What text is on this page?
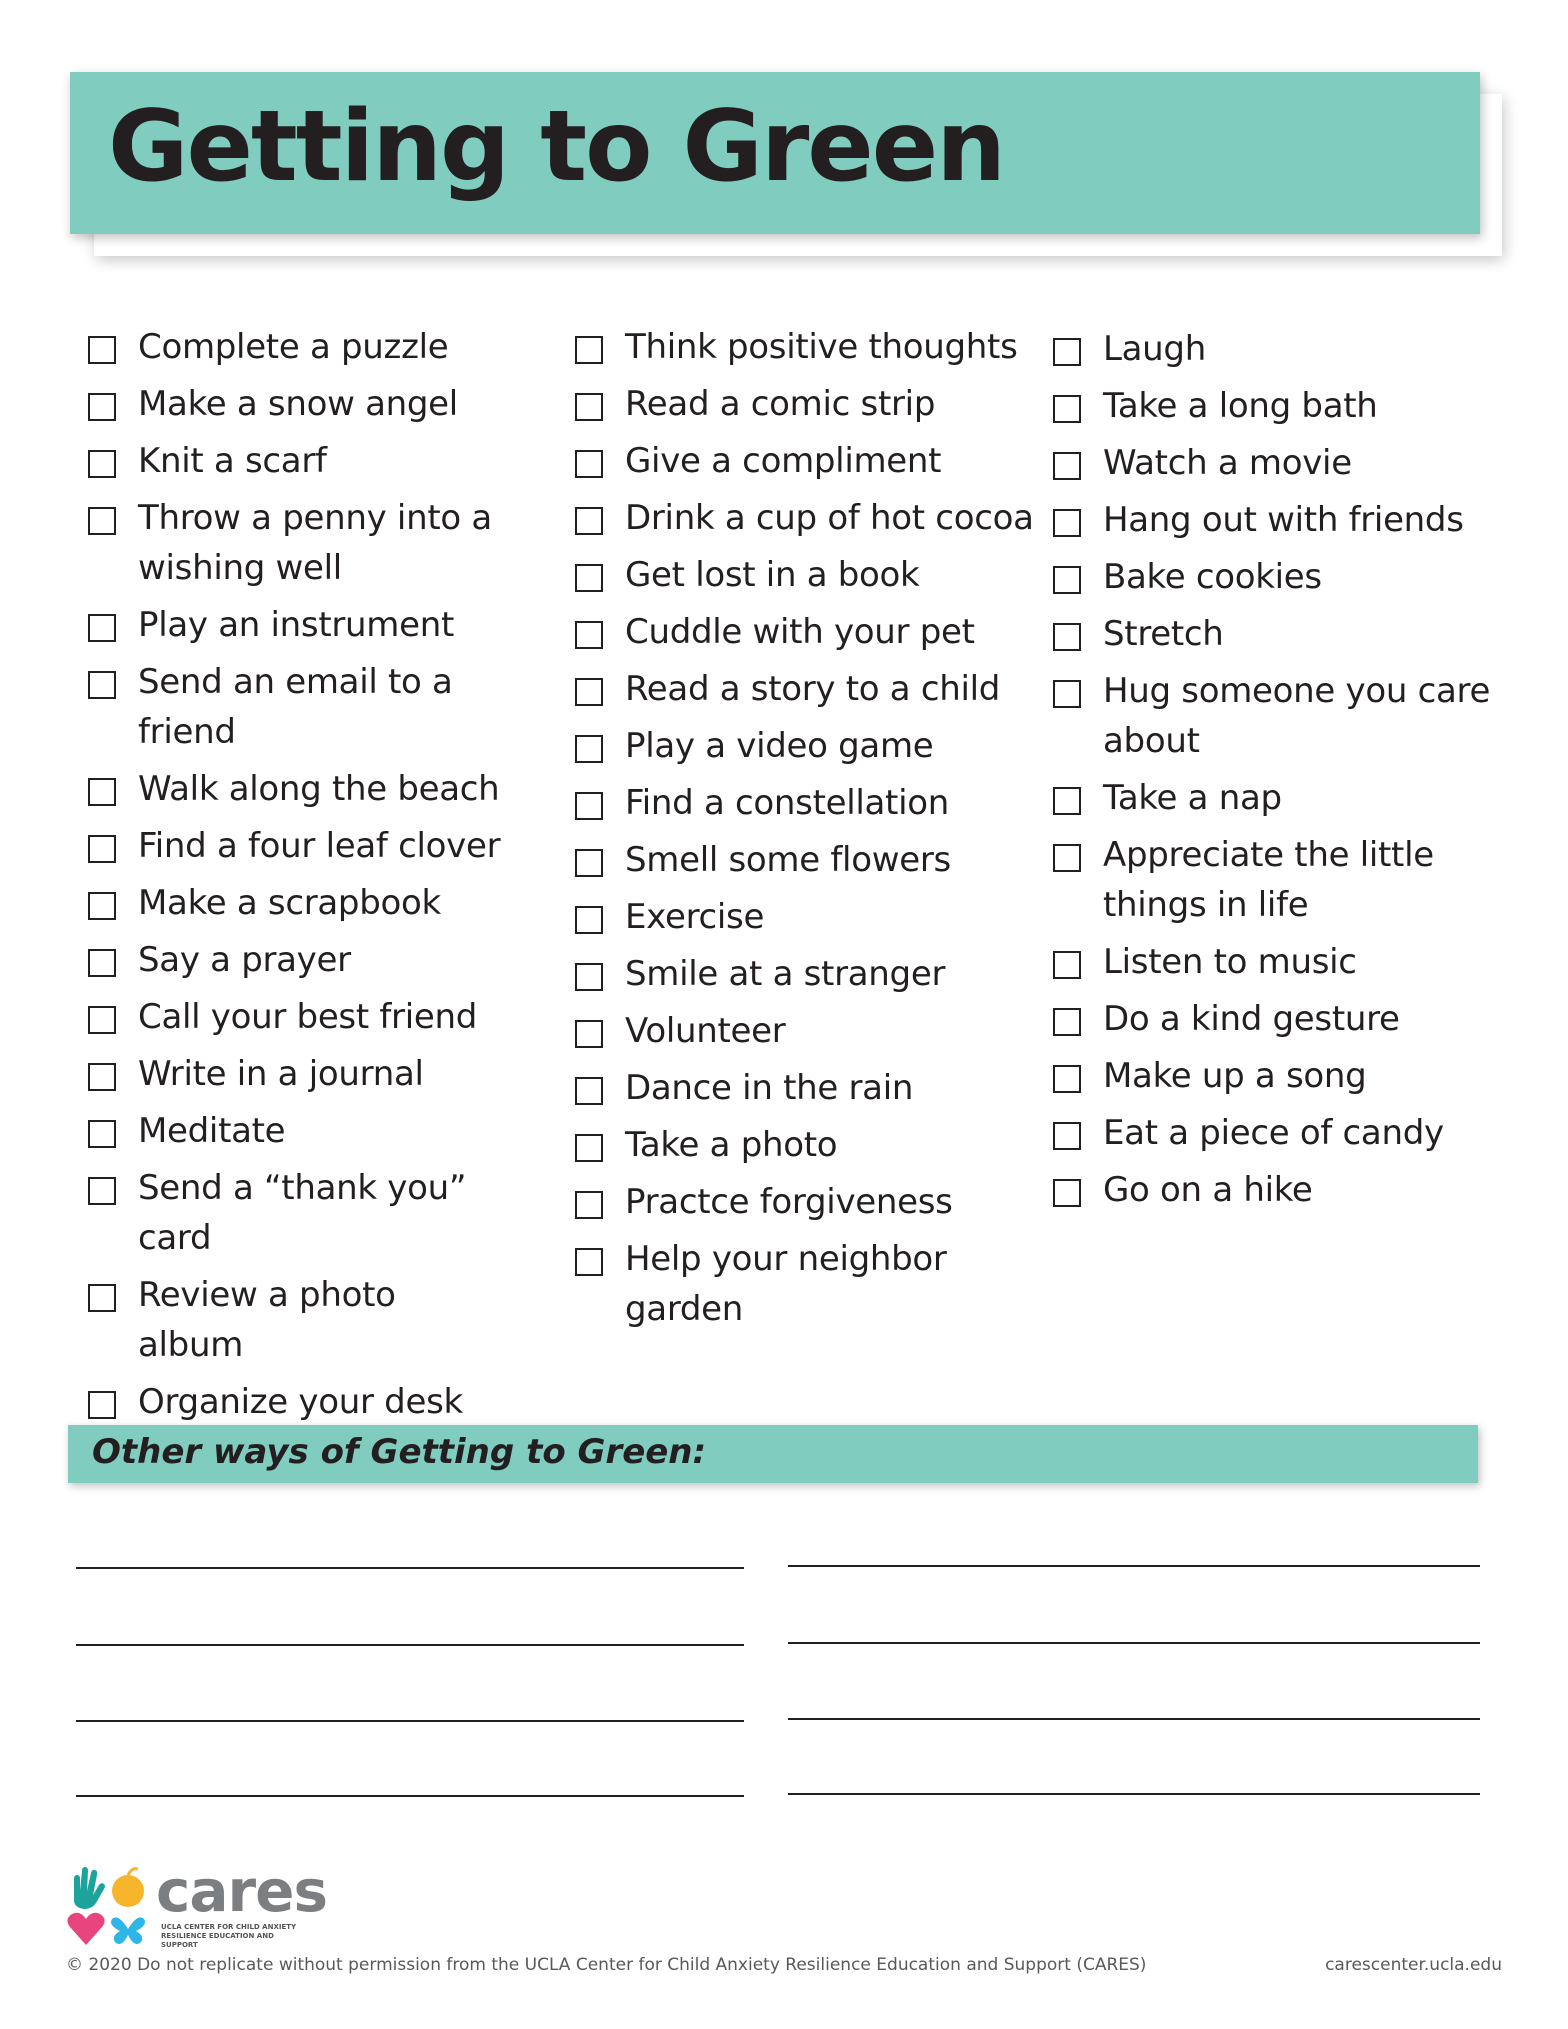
Getting to Green
Complete a puzzle
Make a snow angel
Knit a scarf
Throw a penny into a wishing well
Play an instrument
Send an email to a friend
Walk along the beach
Find a four leaf clover
Make a scrapbook
Say a prayer
Call your best friend
Write in a journal
Meditate
Send a “thank you” card
Review a photo album
Organize your desk
Think positive thoughts
Read a comic strip
Give a compliment
Drink a cup of hot cocoa
Get lost in a book
Cuddle with your pet
Read a story to a child
Play a video game
Find a constellation
Smell some flowers
Exercise
Smile at a stranger
Volunteer
Dance in the rain
Take a photo
Practce forgiveness
Help your neighbor garden
Laugh
Take a long bath
Watch a movie
Hang out with friends
Bake cookies
Stretch
Hug someone you care about
Take a nap
Appreciate the little things in life
Listen to music
Do a kind gesture
Make up a song
Eat a piece of candy
Go on a hike
Other ways of Getting to Green:
cares
UCLA CENTER FOR CHILD ANXIETY RESILIENCE EDUCATION AND SUPPORT
© 2020 Do not replicate without permission from the UCLA Center for Child Anxiety Resilience Education and Support (CARES)	carescenter.ucla.edu
